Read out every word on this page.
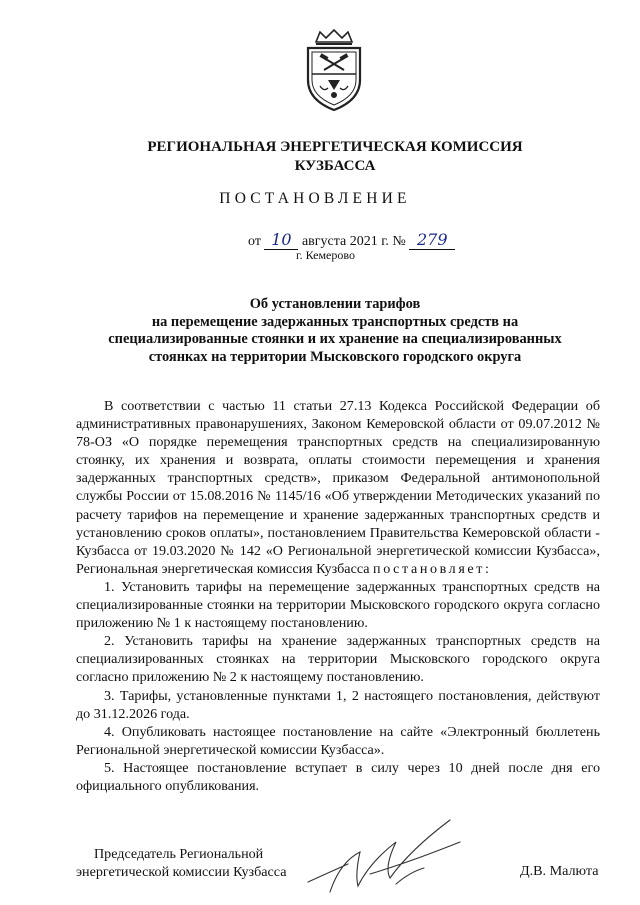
РЕГИОНАЛЬНАЯ ЭНЕРГЕТИЧЕСКАЯ КОМИССИЯ
КУЗБАССА
ПОСТАНОВЛЕНИЕ
от 10 августа 2021 г. № 279
г. Кемерово
Об установлении тарифов
на перемещение задержанных транспортных средств на
специализированные стоянки и их хранение на специализированных
стоянках на территории Мысковского городского округа

В соответствии с частью 11 статьи 27.13 Кодекса Российской Федерации об административных правонарушениях, Законом Кемеровской области от 09.07.2012 № 78-ОЗ «О порядке перемещения транспортных средств на специализированную стоянку, их хранения и возврата, оплаты стоимости перемещения и хранения задержанных транспортных средств», приказом Федеральной антимонопольной службы России от 15.08.2016 № 1145/16 «Об утверждении Методических указаний по расчету тарифов на перемещение и хранение задержанных транспортных средств и установлению сроков оплаты», постановлением Правительства Кемеровской области - Кузбасса от 19.03.2020 № 142 «О Региональной энергетической комиссии Кузбасса», Региональная энергетическая комиссия Кузбасса постановляет:

1. Установить тарифы на перемещение задержанных транспортных средств на специализированные стоянки на территории Мысковского городского округа согласно приложению № 1 к настоящему постановлению.

2. Установить тарифы на хранение задержанных транспортных средств на специализированных стоянках на территории Мысковского городского округа согласно приложению № 2 к настоящему постановлению.

3. Тарифы, установленные пунктами 1, 2 настоящего постановления, действуют до 31.12.2026 года.

4. Опубликовать настоящее постановление на сайте «Электронный бюллетень Региональной энергетической комиссии Кузбасса».

5. Настоящее постановление вступает в силу через 10 дней после дня его официального опубликования.

Председатель Региональной
энергетической комиссии Кузбасса	Д.В. Малюта
